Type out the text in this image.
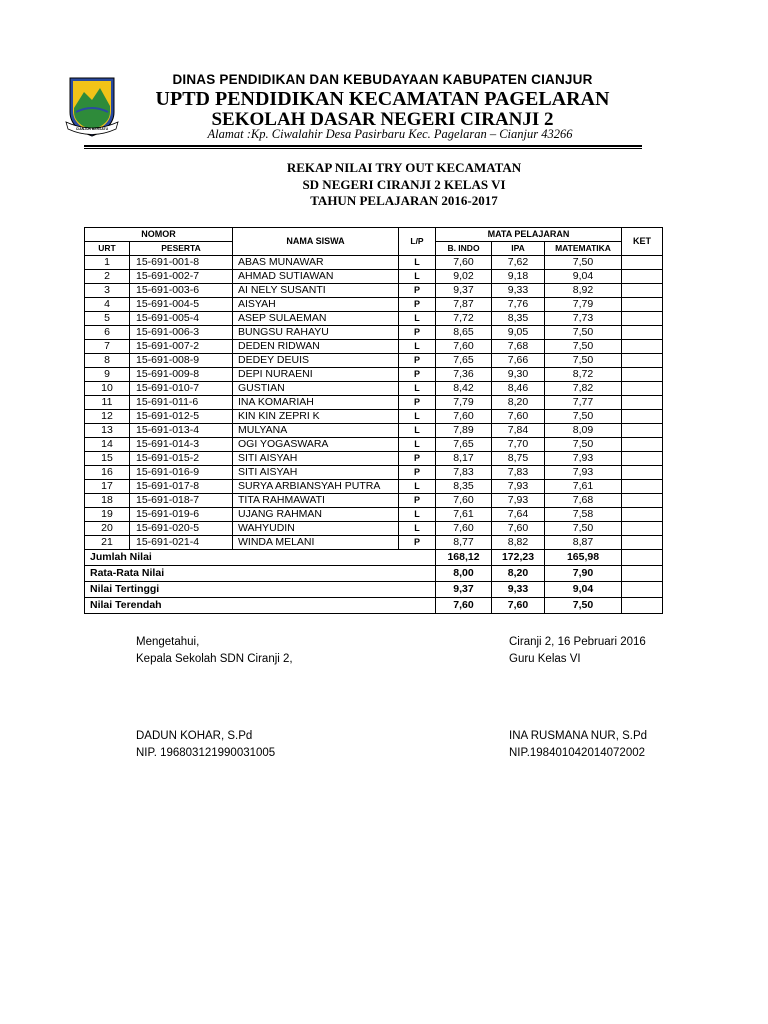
CIANJUR BERSATU
DINAS PENDIDIKAN DAN KEBUDAYAAN KABUPATEN CIANJUR
UPTD PENDIDIKAN KECAMATAN PAGELARAN
SEKOLAH DASAR NEGERI CIRANJI 2
Alamat :Kp. Ciwalahir Desa Pasirbaru Kec. Pagelaran – Cianjur 43266
REKAP NILAI TRY OUT KECAMATAN
SD NEGERI CIRANJI 2 KELAS VI
TAHUN PELAJARAN 2016-2017
NOMOR		NAMA SISWA	L/P	MATA PELAJARAN			KET
URT	PESERTA			B. INDO	IPA	MATEMATIKA	
1	15-691-001-8	ABAS MUNAWAR	L	7,60	7,62	7,50	
2	15-691-002-7	AHMAD SUTIAWAN	L	9,02	9,18	9,04	
3	15-691-003-6	AI NELY SUSANTI	P	9,37	9,33	8,92	
4	15-691-004-5	AISYAH	P	7,87	7,76	7,79	
5	15-691-005-4	ASEP SULAEMAN	L	7,72	8,35	7,73	
6	15-691-006-3	BUNGSU RAHAYU	P	8,65	9,05	7,50	
7	15-691-007-2	DEDEN RIDWAN	L	7,60	7,68	7,50	
8	15-691-008-9	DEDEY DEUIS	P	7,65	7,66	7,50	
9	15-691-009-8	DEPI NURAENI	P	7,36	9,30	8,72	
10	15-691-010-7	GUSTIAN	L	8,42	8,46	7,82	
11	15-691-011-6	INA KOMARIAH	P	7,79	8,20	7,77	
12	15-691-012-5	KIN KIN ZEPRI K	L	7,60	7,60	7,50	
13	15-691-013-4	MULYANA	L	7,89	7,84	8,09	
14	15-691-014-3	OGI YOGASWARA	L	7,65	7,70	7,50	
15	15-691-015-2	SITI AISYAH	P	8,17	8,75	7,93	
16	15-691-016-9	SITI AISYAH	P	7,83	7,83	7,93	
17	15-691-017-8	SURYA ARBIANSYAH PUTRA	L	8,35	7,93	7,61	
18	15-691-018-7	TITA RAHMAWATI	P	7,60	7,93	7,68	
19	15-691-019-6	UJANG RAHMAN	L	7,61	7,64	7,58	
20	15-691-020-5	WAHYUDIN	L	7,60	7,60	7,50	
21	15-691-021-4	WINDA MELANI	P	8,77	8,82	8,87	
Jumlah Nilai				168,12	172,23	165,98	
Rata-Rata Nilai				8,00	8,20	7,90	
Nilai Tertinggi				9,37	9,33	9,04	
Nilai Terendah				7,60	7,60	7,50	
Mengetahui,
Kepala Sekolah SDN Ciranji 2,
DADUN KOHAR, S.Pd
NIP. 196803121990031005
Ciranji 2, 16 Pebruari 2016
Guru Kelas VI
INA RUSMANA NUR, S.Pd
NIP.198401042014072002
